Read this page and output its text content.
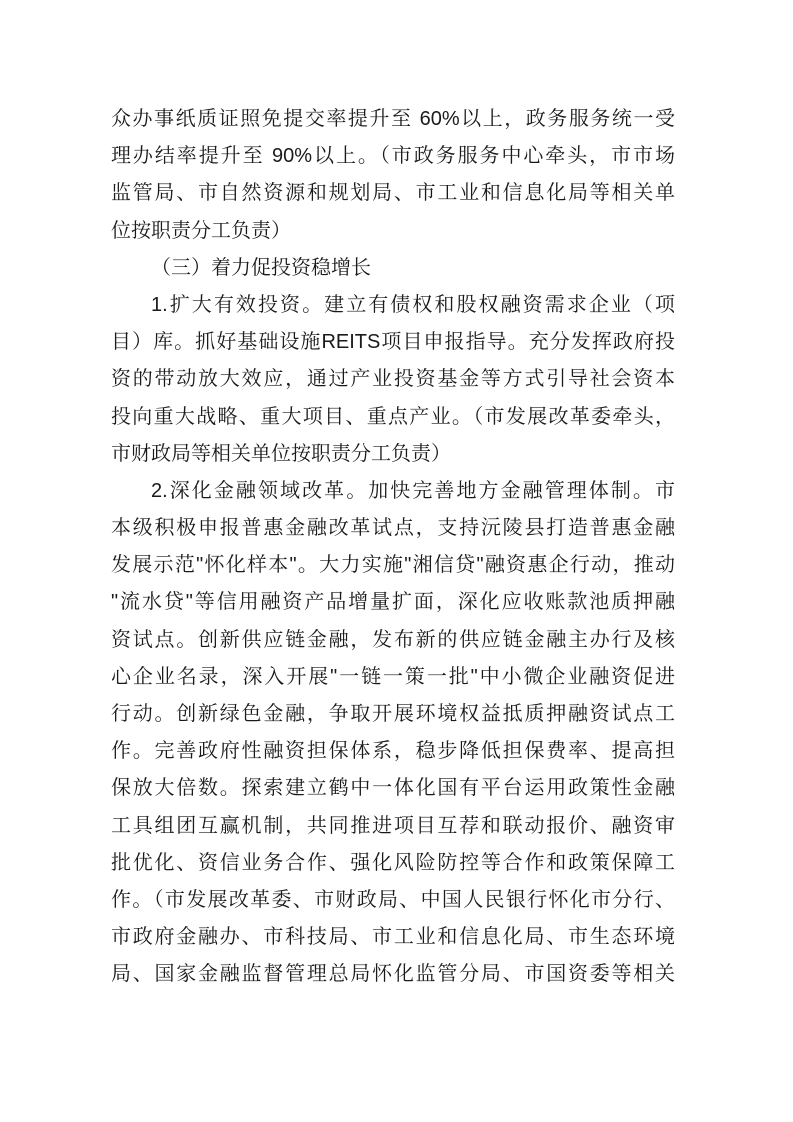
众办事纸质证照免提交率提升至 60%以上，政务服务统一受
理办结率提升至 90%以上。（市政务服务中心牵头，市市场
监管局、市自然资源和规划局、市工业和信息化局等相关单
位按职责分工负责）
（三）着力促投资稳增长
1.扩大有效投资。建立有债权和股权融资需求企业（项
目）库。抓好基础设施REITS项目申报指导。充分发挥政府投
资的带动放大效应，通过产业投资基金等方式引导社会资本
投向重大战略、重大项目、重点产业。（市发展改革委牵头，
市财政局等相关单位按职责分工负责）
2.深化金融领域改革。加快完善地方金融管理体制。市
本级积极申报普惠金融改革试点，支持沅陵县打造普惠金融
发展示范"怀化样本"。大力实施"湘信贷"融资惠企行动，推动
"流水贷"等信用融资产品增量扩面，深化应收账款池质押融
资试点。创新供应链金融，发布新的供应链金融主办行及核
心企业名录，深入开展"一链一策一批"中小微企业融资促进
行动。创新绿色金融，争取开展环境权益抵质押融资试点工
作。完善政府性融资担保体系，稳步降低担保费率、提高担
保放大倍数。探索建立鹤中一体化国有平台运用政策性金融
工具组团互赢机制，共同推进项目互荐和联动报价、融资审
批优化、资信业务合作、强化风险防控等合作和政策保障工
作。（市发展改革委、市财政局、中国人民银行怀化市分行、
市政府金融办、市科技局、市工业和信息化局、市生态环境
局、国家金融监督管理总局怀化监管分局、市国资委等相关
